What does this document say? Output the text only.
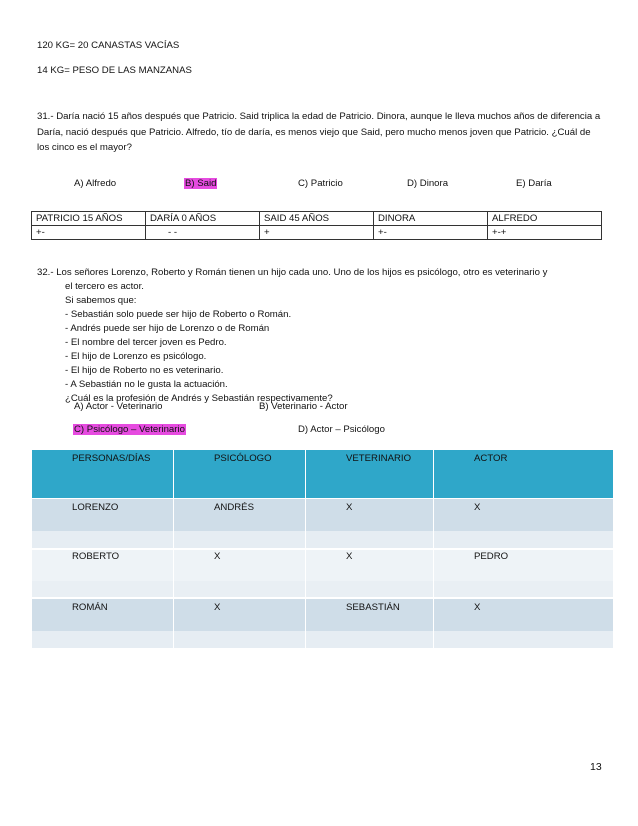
120 KG= 20 CANASTAS VACÍAS
14 KG= PESO DE LAS MANZANAS
31.- Daría nació 15 años después que Patricio. Said triplica la edad de Patricio. Dinora, aunque le lleva muchos años de diferencia a Daría, nació después que Patricio. Alfredo, tío de daría, es menos viejo que Said, pero mucho menos joven que Patricio. ¿Cuál de los cinco es el mayor?
A) Alfredo	B) Said	C) Patricio	D) Dinora	E) Daría
PATRICIO 15 AÑOS	DARÍA 0 AÑOS	SAID 45 AÑOS	DINORA	ALFREDO
+-	- -	+	+-	+-+
32.- Los señores Lorenzo, Roberto y Román tienen un hijo cada uno. Uno de los hijos es psicólogo, otro es veterinario y
el tercero es actor.
Si sabemos que:
- Sebastián solo puede ser hijo de Roberto o Román.
- Andrés puede ser hijo de Lorenzo o de Román
- El nombre del tercer joven es Pedro.
- El hijo de Lorenzo es psicólogo.
- El hijo de Roberto no es veterinario.
- A Sebastián no le gusta la actuación.
¿Cuál es la profesión de Andrés y Sebastián respectivamente?
A) Actor - Veterinario	B) Veterinario - Actor
C) Psicólogo – Veterinario	D) Actor – Psicólogo
PERSONAS/DÍAS	PSICÓLOGO	VETERINARIO	ACTOR
LORENZO	ANDRÉS	X	X

ROBERTO	X	X	PEDRO

ROMÁN	X	SEBASTIÁN	X

13
